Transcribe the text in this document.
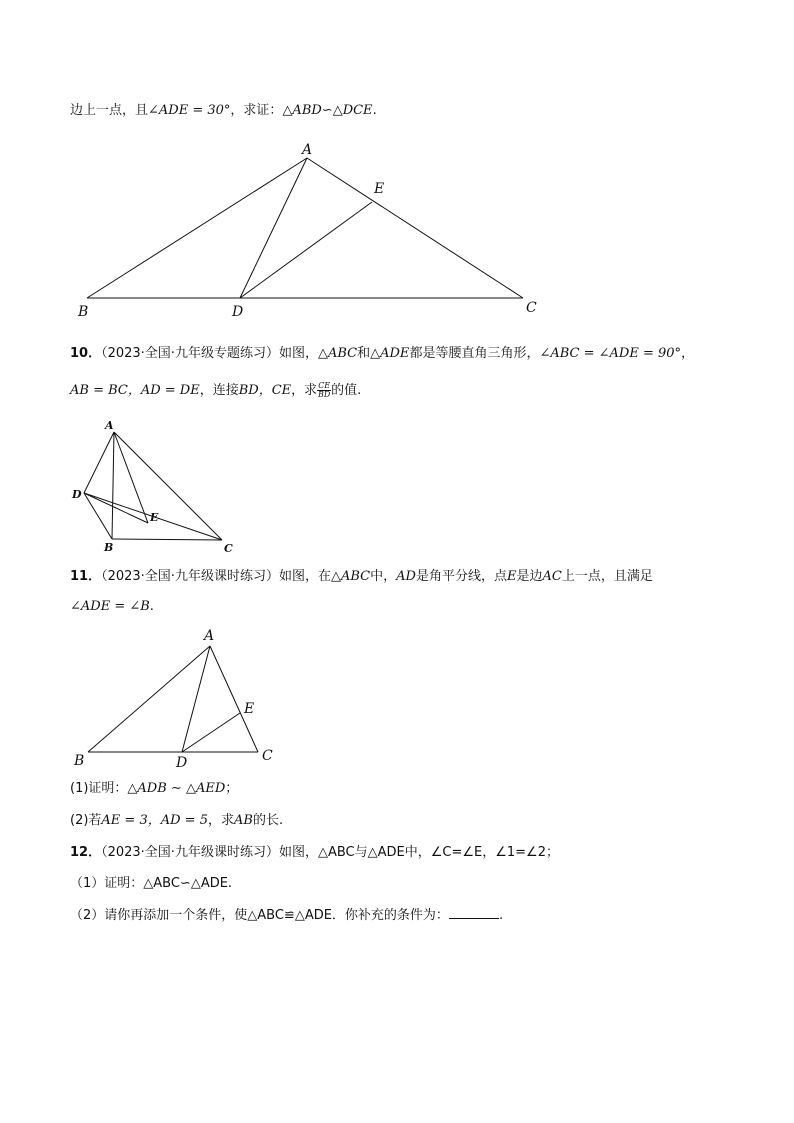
边上一点，且∠ADE = 30°，求证：△ABD∽△DCE.
A
E
B	D	C
10．（2023·全国·九年级专题练习）如图，△ABC和△ADE都是等腰直角三角形，∠ABC = ∠ADE = 90°，
AB = BC，AD = DE，连接BD，CE，求 $\frac{CE}{BD}$ 的值.
A
D
E
B	C
11．（2023·全国·九年级课时练习）如图，在△ABC中，AD是角平分线，点E是边AC上一点，且满足
∠ADE = ∠B.
A
E
B	D	C
(1)证明：△ADB ∼ △AED；
(2)若AE = 3，AD = 5，求AB的长.
12．（2023·全国·九年级课时练习）如图，△ABC与△ADE中，∠C=∠E，∠1=∠2；
（1）证明：△ABC∽△ADE.
（2）请你再添加一个条件，使△ABC≌△ADE．你补充的条件为：	.
